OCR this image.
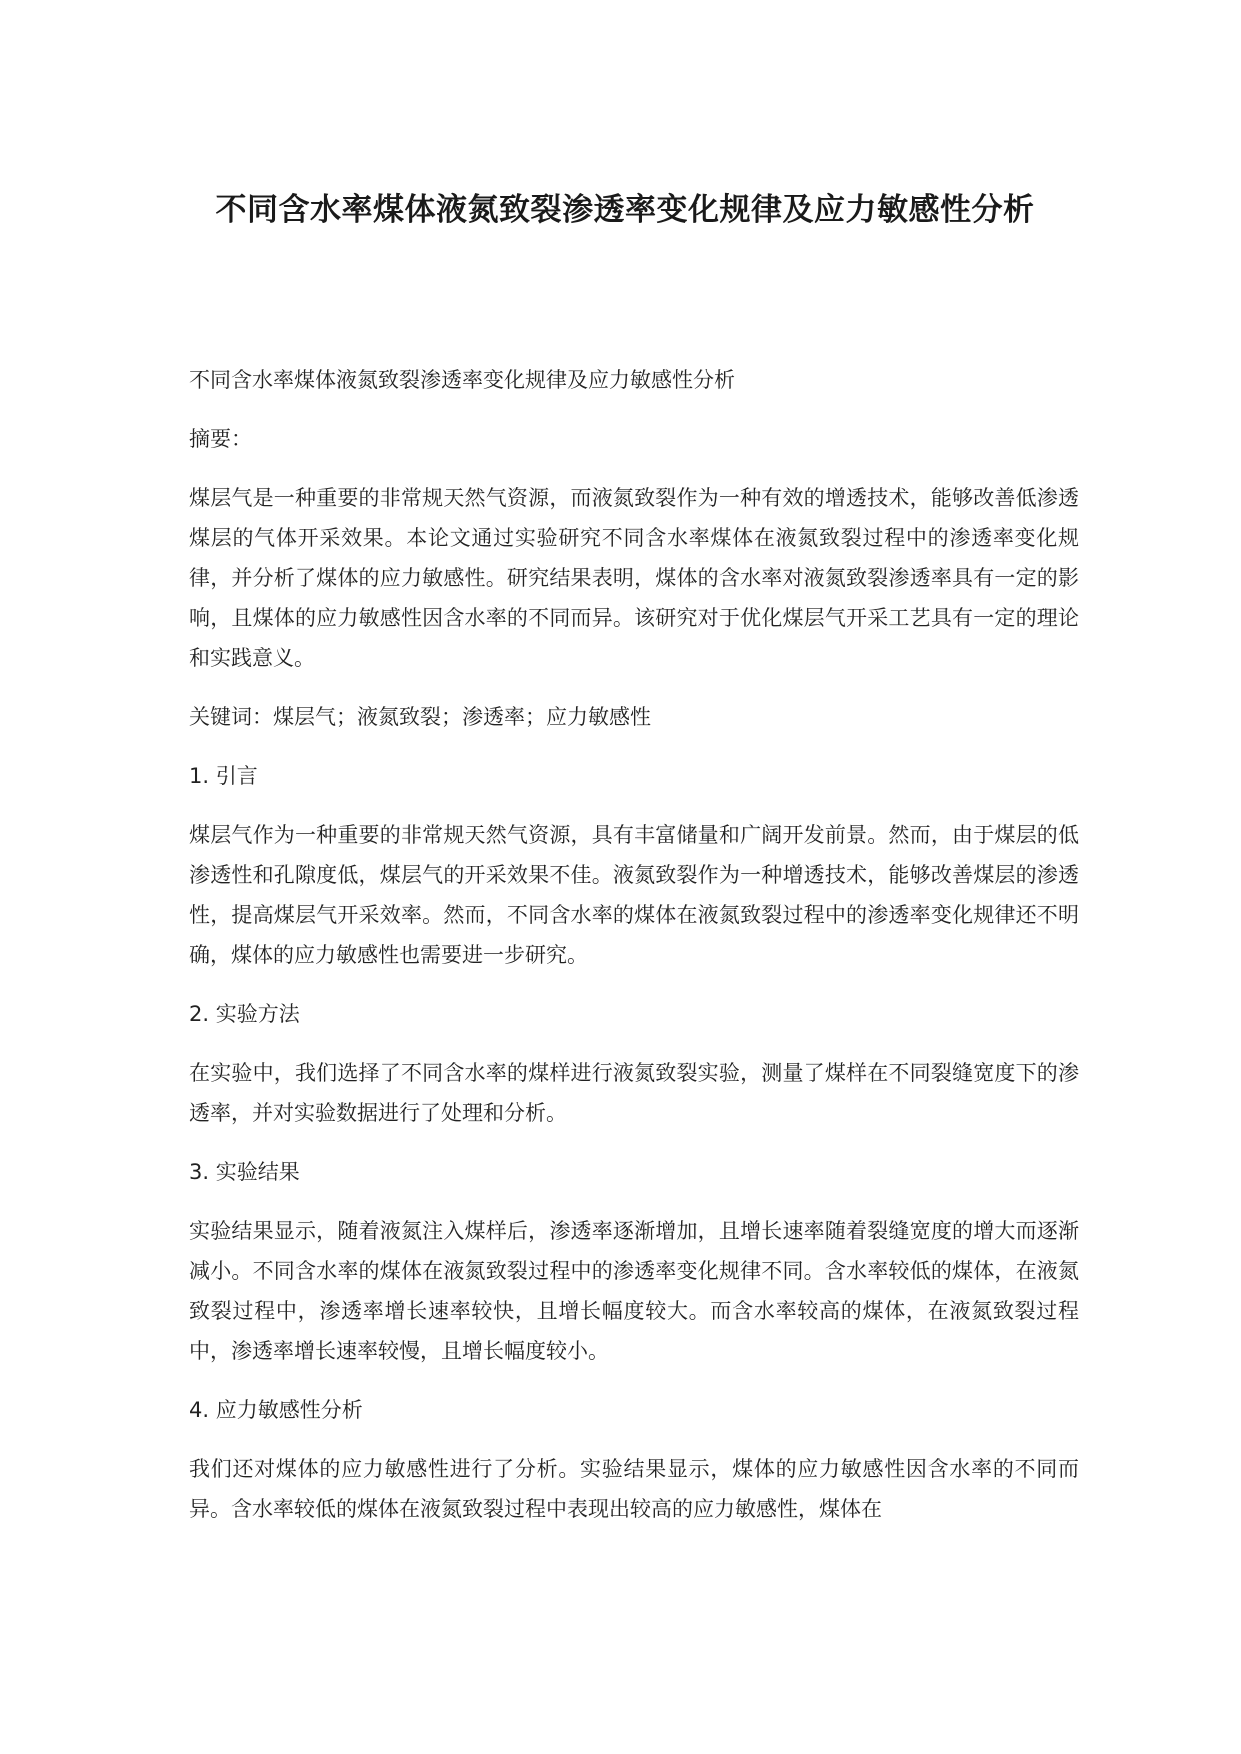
不同含水率煤体液氮致裂渗透率变化规律及应力敏感性分析

不同含水率煤体液氮致裂渗透率变化规律及应力敏感性分析

摘要：

煤层气是一种重要的非常规天然气资源，而液氮致裂作为一种有效的增透技术，能够改善低渗透煤层的气体开采效果。本论文通过实验研究不同含水率煤体在液氮致裂过程中的渗透率变化规律，并分析了煤体的应力敏感性。研究结果表明，煤体的含水率对液氮致裂渗透率具有一定的影响，且煤体的应力敏感性因含水率的不同而异。该研究对于优化煤层气开采工艺具有一定的理论和实践意义。

关键词：煤层气；液氮致裂；渗透率；应力敏感性

1. 引言

煤层气作为一种重要的非常规天然气资源，具有丰富储量和广阔开发前景。然而，由于煤层的低渗透性和孔隙度低，煤层气的开采效果不佳。液氮致裂作为一种增透技术，能够改善煤层的渗透性，提高煤层气开采效率。然而，不同含水率的煤体在液氮致裂过程中的渗透率变化规律还不明确，煤体的应力敏感性也需要进一步研究。

2. 实验方法

在实验中，我们选择了不同含水率的煤样进行液氮致裂实验，测量了煤样在不同裂缝宽度下的渗透率，并对实验数据进行了处理和分析。

3. 实验结果

实验结果显示，随着液氮注入煤样后，渗透率逐渐增加，且增长速率随着裂缝宽度的增大而逐渐减小。不同含水率的煤体在液氮致裂过程中的渗透率变化规律不同。含水率较低的煤体，在液氮致裂过程中，渗透率增长速率较快，且增长幅度较大。而含水率较高的煤体，在液氮致裂过程中，渗透率增长速率较慢，且增长幅度较小。

4. 应力敏感性分析

我们还对煤体的应力敏感性进行了分析。实验结果显示，煤体的应力敏感性因含水率的不同而异。含水率较低的煤体在液氮致裂过程中表现出较高的应力敏感性，煤体在
